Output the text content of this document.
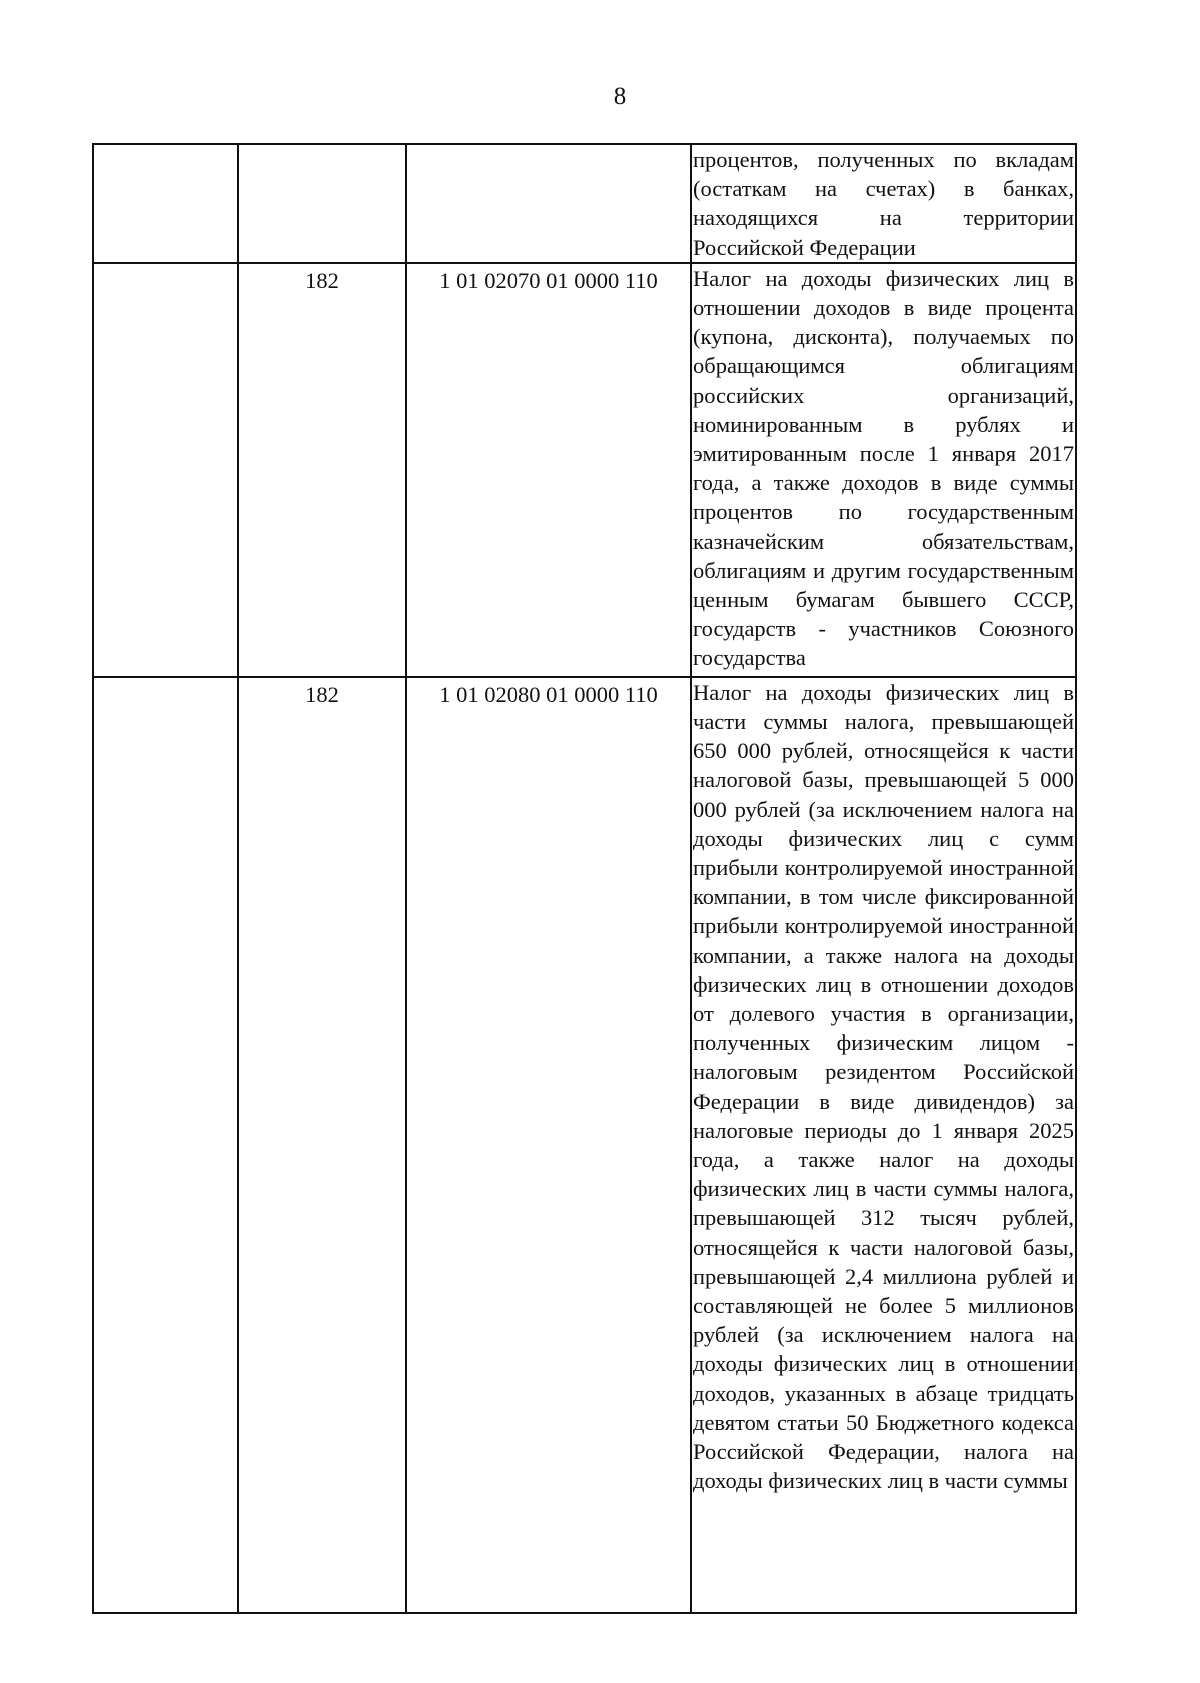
8

			процентов, полученных по вкладам (остаткам на счетах) в банках, находящихся на территории Российской Федерации

	182	1 01 02070 01 0000 110	Налог на доходы физических лиц в отношении доходов в виде процента (купона, дисконта), получаемых по обращающимся облигациям российских организаций, номинированным в рублях и эмитированным после 1 января 2017 года, а также доходов в виде суммы процентов по государственным казначейским обязательствам, облигациям и другим государственным ценным бумагам бывшего СССР, государств - участников Союзного государства

	182	1 01 02080 01 0000 110	Налог на доходы физических лиц в части суммы налога, превышающей 650 000 рублей, относящейся к части налоговой базы, превышающей 5 000 000 рублей (за исключением налога на доходы физических лиц с сумм прибыли контролируемой иностранной компании, в том числе фиксированной прибыли контролируемой иностранной компании, а также налога на доходы физических лиц в отношении доходов от долевого участия в организации, полученных физическим лицом - налоговым резидентом Российской Федерации в виде дивидендов) за налоговые периоды до 1 января 2025 года, а также налог на доходы физических лиц в части суммы налога, превышающей 312 тысяч рублей, относящейся к части налоговой базы, превышающей 2,4 миллиона рублей и составляющей не более 5 миллионов рублей (за исключением налога на доходы физических лиц в отношении доходов, указанных в абзаце тридцать девятом статьи 50 Бюджетного кодекса Российской Федерации, налога на доходы физических лиц в части суммы
